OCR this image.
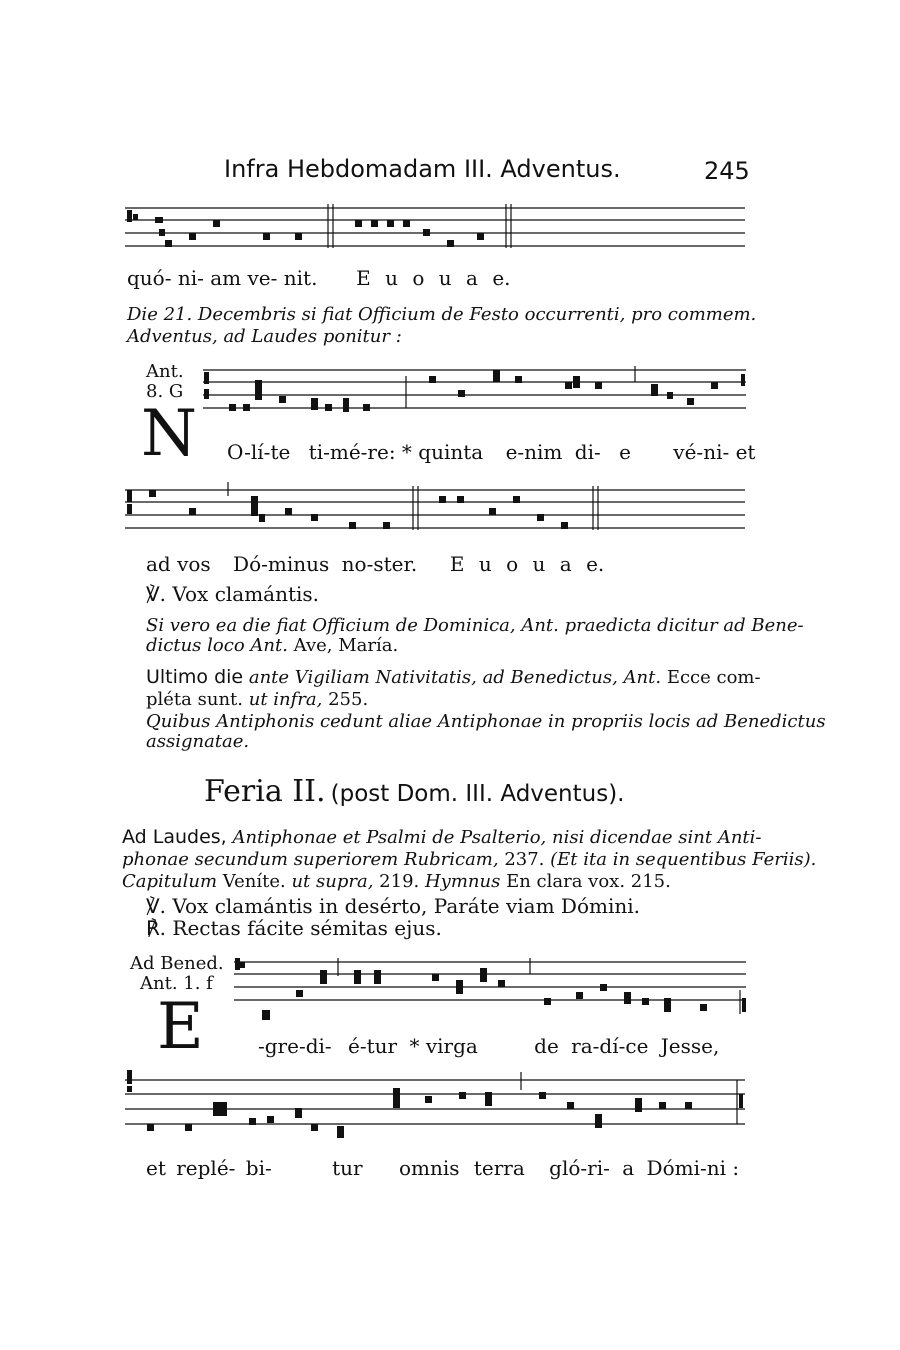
Infra Hebdomadam III. Adventus.	245
quó- ni- am ve- nit. E u o u a e.
Die 21. Decembris si fiat Officium de Festo occurrenti, pro commem.
Adventus, ad Laudes ponitur :
Ant.
8. G
N O-lí-te ti-mé-re: * quinta e-nim di- e vé-ni- et
ad vos Dó-minus no-ster. E u o u a e.
℣. Vox clamántis.
Si vero ea die fiat Officium de Dominica, Ant. praedicta dicitur ad Bene-
dictus loco Ant. Ave, María.
Ultimo die ante Vigiliam Nativitatis, ad Benedictus, Ant. Ecce com-
pléta sunt. ut infra, 255.
Quibus Antiphonis cedunt aliae Antiphonae in propriis locis ad Benedictus
assignatae.
Feria II. (post Dom. III. Adventus).
Ad Laudes, Antiphonae et Psalmi de Psalterio, nisi dicendae sint Anti-
phonae secundum superiorem Rubricam, 237. (Et ita in sequentibus Feriis).
Capitulum Veníte. ut supra, 219. Hymnus En clara vox. 215.
℣. Vox clamántis in desérto, Paráte viam Dómini.
℟. Rectas fácite sémitas ejus.
Ad Bened.
Ant. 1. f
E	-gre-di- é-tur * virga	de ra-dí-ce Jesse,
et replé- bi-	tur omnis terra gló-ri- a Dómi-ni :
